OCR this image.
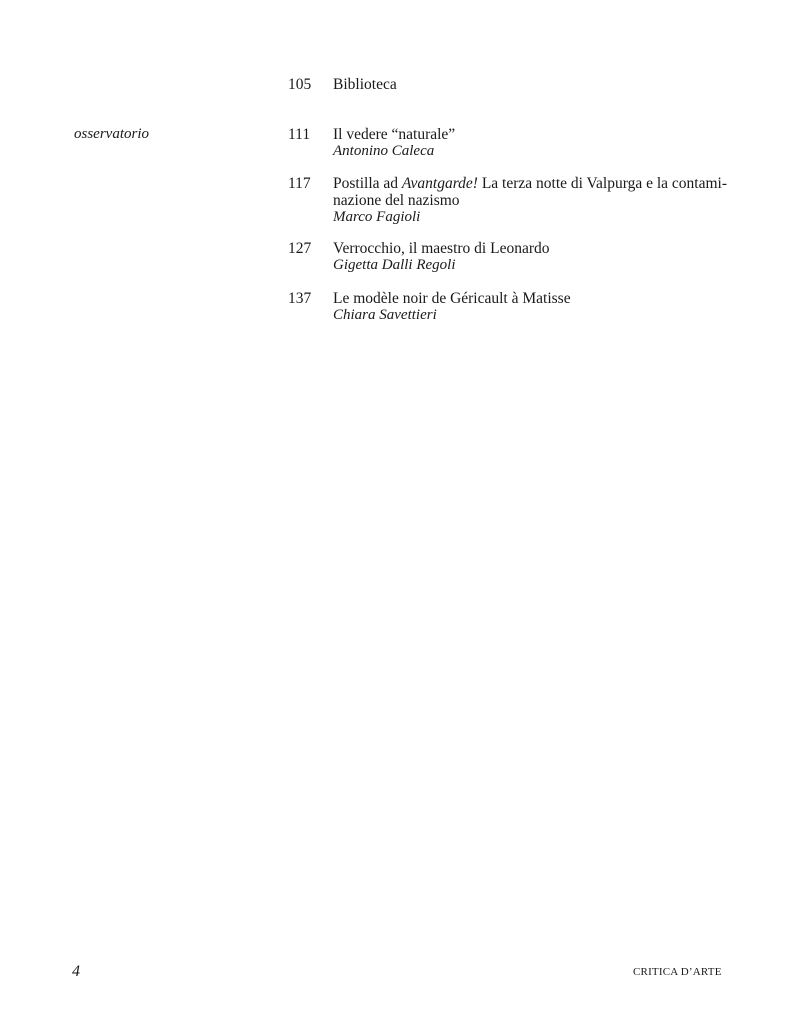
105	Biblioteca
osservatorio	111	Il vedere “naturale”
Antonino Caleca
117	Postilla ad Avantgarde! La terza notte di Valpurga e la contami-
nazione del nazismo
Marco Fagioli
127	Verrocchio, il maestro di Leonardo
Gigetta Dalli Regoli
137	Le modèle noir de Géricault à Matisse
Chiara Savettieri
4	CRITICA D’ARTE
